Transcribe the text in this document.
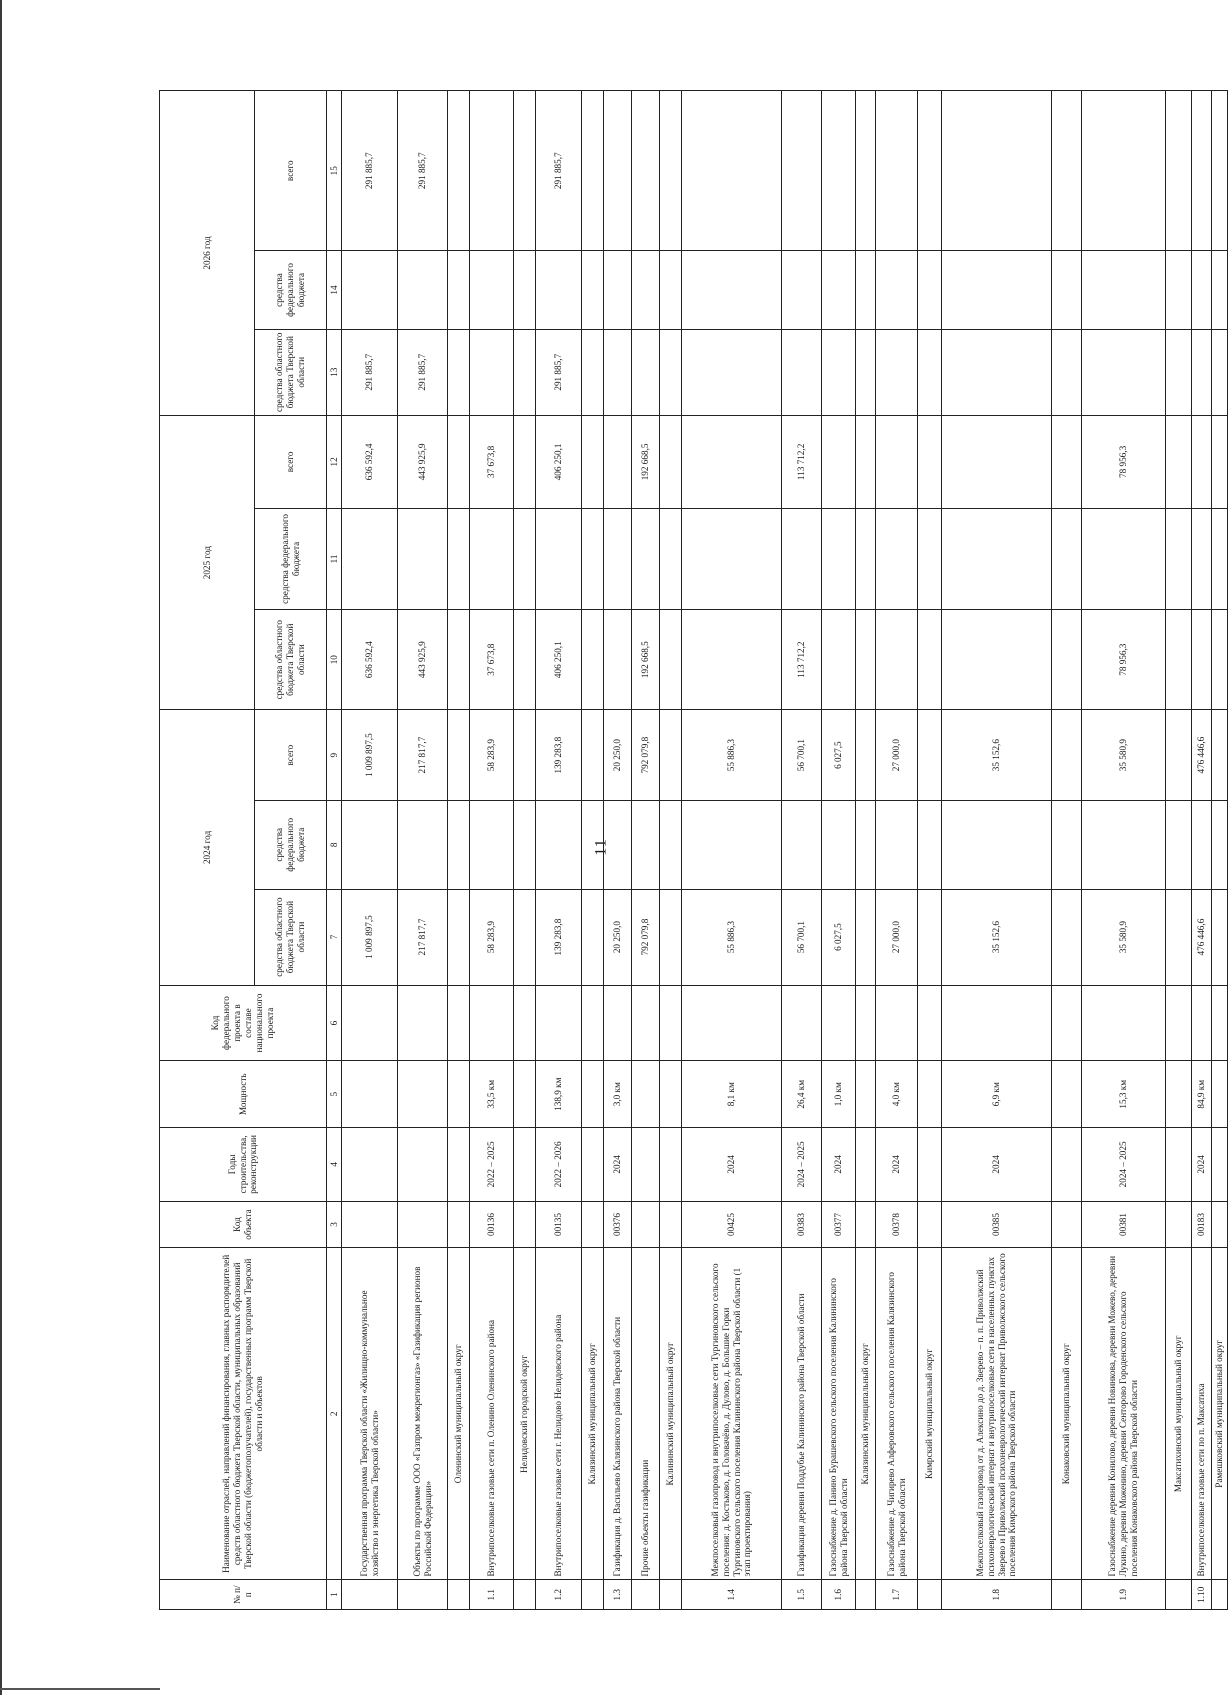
11
№ п/п	Наименование отраслей, направлений финансирования, главных распорядителей средств областного бюджета Тверской области, муниципальных образований Тверской области (бюджетополучателей), государственных программ Тверской области и объектов	Код объекта	Годы строительства, реконструкции	Мощность	Код федерального проекта в составе национального проекта	2024 год			2025 год			2026 год		
						средства областного бюджета Тверской области	средства федерального бюджета	всего	средства областного бюджета Тверской области	средства федерального бюджета	всего	средства областного бюджета Тверской области	средства федерального бюджета	всего
1	2	3	4	5	6	7	8	9	10	11	12	13	14	15
	Государственная программа Тверской области «Жилищно-коммунальное хозяйство и энергетика Тверской области»					1 009 897,5		1 009 897,5	636 592,4		636 592,4	291 885,7		291 885,7
	Объекты по программе ООО «Газпром межрегионгаз» «Газификация регионов Российской Федерации»					217 817,7		217 817,7	443 925,9		443 925,9	291 885,7		291 885,7
	Оленинский муниципальный округ													
1.1	Внутрипоселковые газовые сети п. Оленино Оленинского района	00136	2022 – 2025	33,5 км		58 283,9		58 283,9	37 673,8		37 673,8			
	Нелидовский городской округ													
1.2	Внутрипоселковые газовые сети г. Нелидово Нелидовского района	00135	2022 – 2026	138,9 км		139 283,8		139 283,8	406 250,1		406 250,1	291 885,7		291 885,7
	Калязинский муниципальный округ													
1.3	Газификация д. Васильево Калязинского района Тверской области	00376	2024	3,0 км		20 250,0		20 250,0						
	Прочие объекты газификации					792 079,8		792 079,8	192 668,5		192 668,5			
	Калининский муниципальный округ													
1.4	Межпоселковый газопровод и внутрипоселковые сети Тургиновского сельского поселения: д. Костьково, д. Головачёво, д. Дулово, д. Большие Горки Тургиновского сельского поселения Калининского района Тверской области (1 этап проектирования)	00425	2024	8,1 км		55 886,3		55 886,3						
1.5	Газификация деревни Поддубье Калининского района Тверской области	00383	2024 – 2025	26,4 км		56 700,1		56 700,1	113 712,2		113 712,2			
1.6	Газоснабжение д. Панино Бурашевского сельского поселения Калининского района Тверской области	00377	2024	1,0 км		6 027,5		6 027,5						
	Калязинский муниципальный округ													
1.7	Газоснабжение д. Чигирево Алферовского сельского поселения Калязинского района Тверской области	00378	2024	4,0 км		27 000,0		27 000,0						
	Кимрский муниципальный округ													
1.8	Межпоселковый газопровод от д. Алексино до д. Зверево – п. п. Приволжский психоневрологический интернат и внутрипоселковые сети в населенных пунктах Зверево и Приволжский психоневрологический интернат Приволжского сельского поселения Кимрского района Тверской области	00385	2024	6,9 км		35 152,6		35 152,6						
	Конаковский муниципальный округ													
1.9	Газоснабжение деревни Конилово, деревни Новинкова, деревни Можево, деревни Лукино, деревни Моженино, деревни Сенторово Городенского сельского поселения Конаковского района Тверской области	00381	2024 – 2025	15,3 км		35 580,9		35 580,9	78 956,3		78 956,3			
	Максатихинский муниципальный округ													
1.10	Внутрипоселковые газовые сети по п. Максатиха	00183	2024	84,9 км		476 446,6		476 446,6						
	Рамешковский муниципальный округ													
